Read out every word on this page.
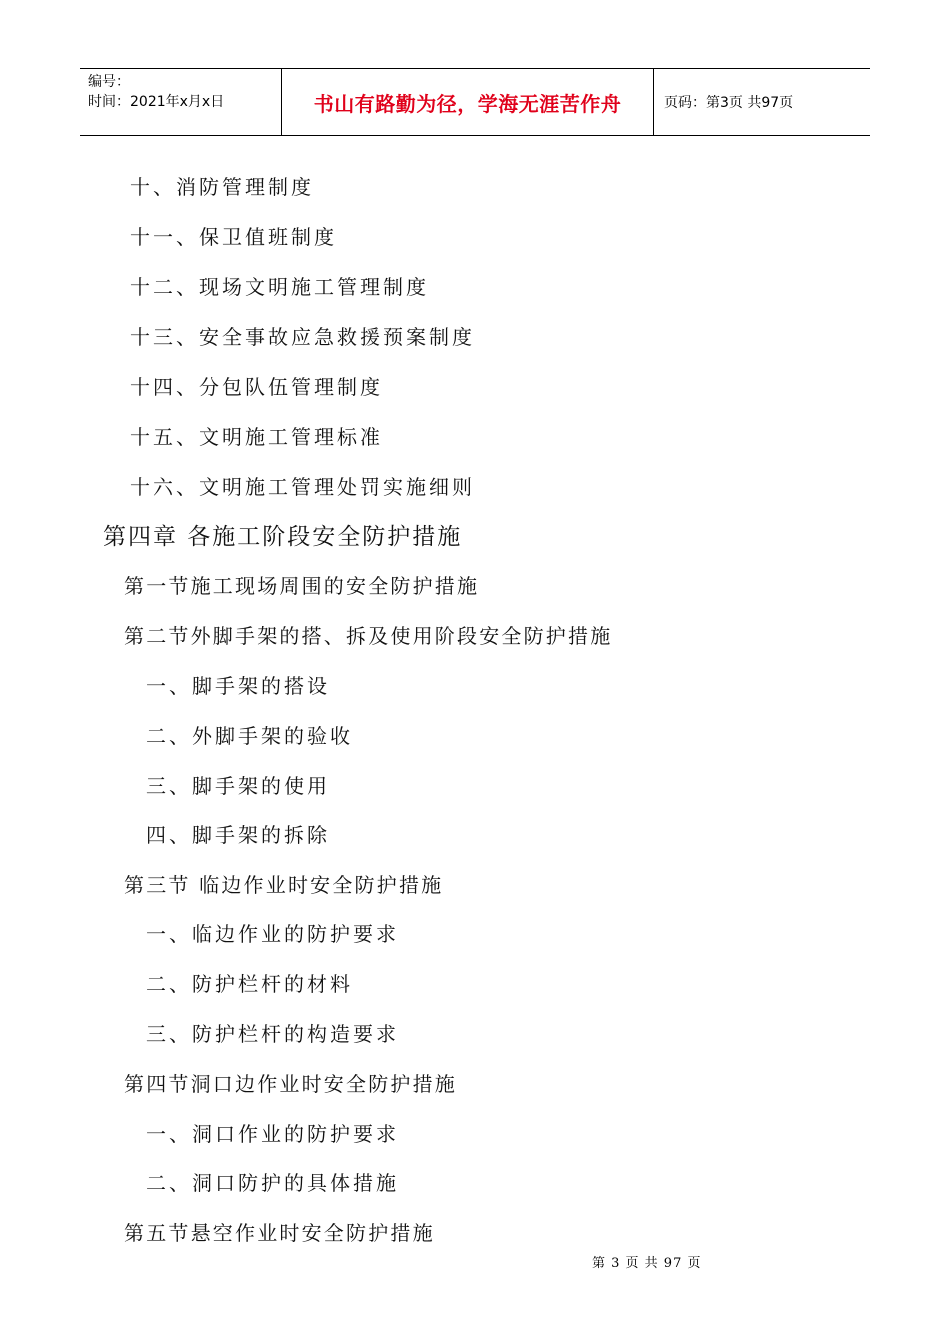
编号：
时间：2021年x月x日	书山有路勤为径，学海无涯苦作舟	页码：第3页 共97页
十、消防管理制度
十一、保卫值班制度
十二、现场文明施工管理制度
十三、安全事故应急救援预案制度
十四、分包队伍管理制度
十五、文明施工管理标准
十六、文明施工管理处罚实施细则
第四章 各施工阶段安全防护措施
第一节施工现场周围的安全防护措施
第二节外脚手架的搭、拆及使用阶段安全防护措施
一、脚手架的搭设
二、外脚手架的验收
三、脚手架的使用
四、脚手架的拆除
第三节 临边作业时安全防护措施
一、临边作业的防护要求
二、防护栏杆的材料
三、防护栏杆的构造要求
第四节洞口边作业时安全防护措施
一、洞口作业的防护要求
二、洞口防护的具体措施
第五节悬空作业时安全防护措施
第 3 页 共 97 页
